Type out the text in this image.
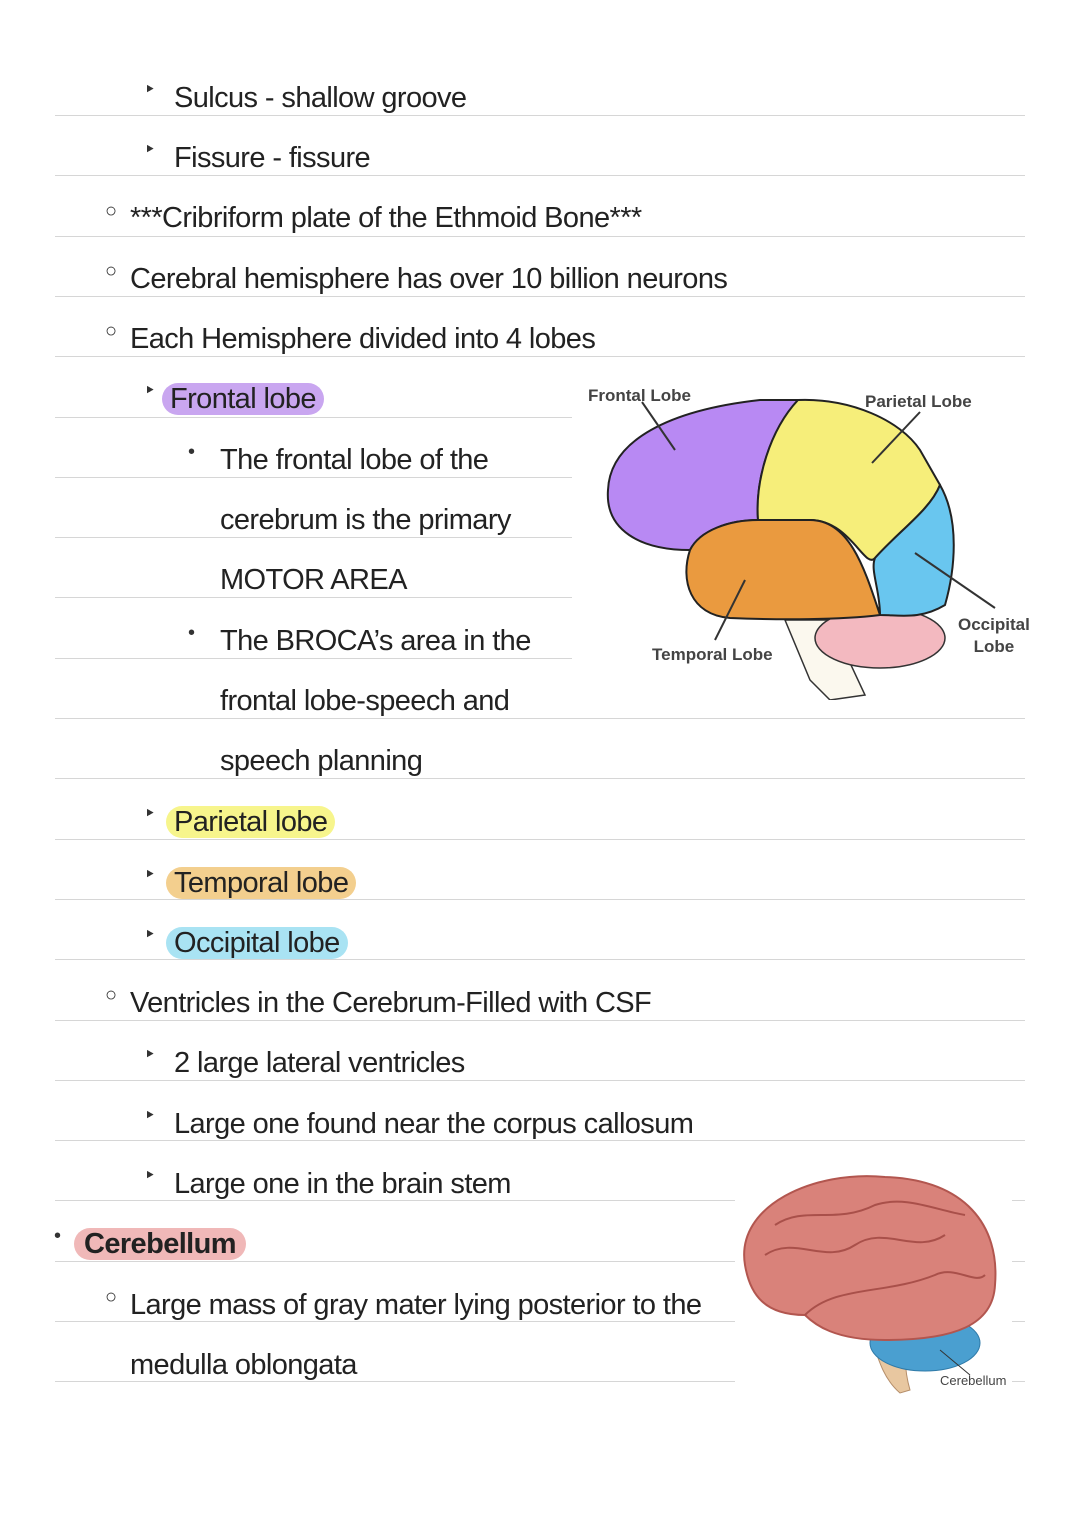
‣ Sulcus - shallow groove
‣ Fissure - fissure
○ ***Cribriform plate of the Ethmoid Bone***
○ Cerebral hemisphere has over 10 billion neurons
○ Each Hemisphere divided into 4 lobes
‣ Frontal lobe
• The frontal lobe of the
cerebrum is the primary
MOTOR AREA
• The BROCA’s area in the
frontal lobe-speech and
speech planning
‣ Parietal lobe
‣ Temporal lobe
‣ Occipital lobe
○ Ventricles in the Cerebrum-Filled with CSF
‣ 2 large lateral ventricles
‣ Large one found near the corpus callosum
‣ Large one in the brain stem
• Cerebellum
○ Large mass of gray mater lying posterior to the
medulla oblongata
Frontal Lobe	Parietal Lobe
Temporal Lobe
Occipital
Lobe
Cerebellum
